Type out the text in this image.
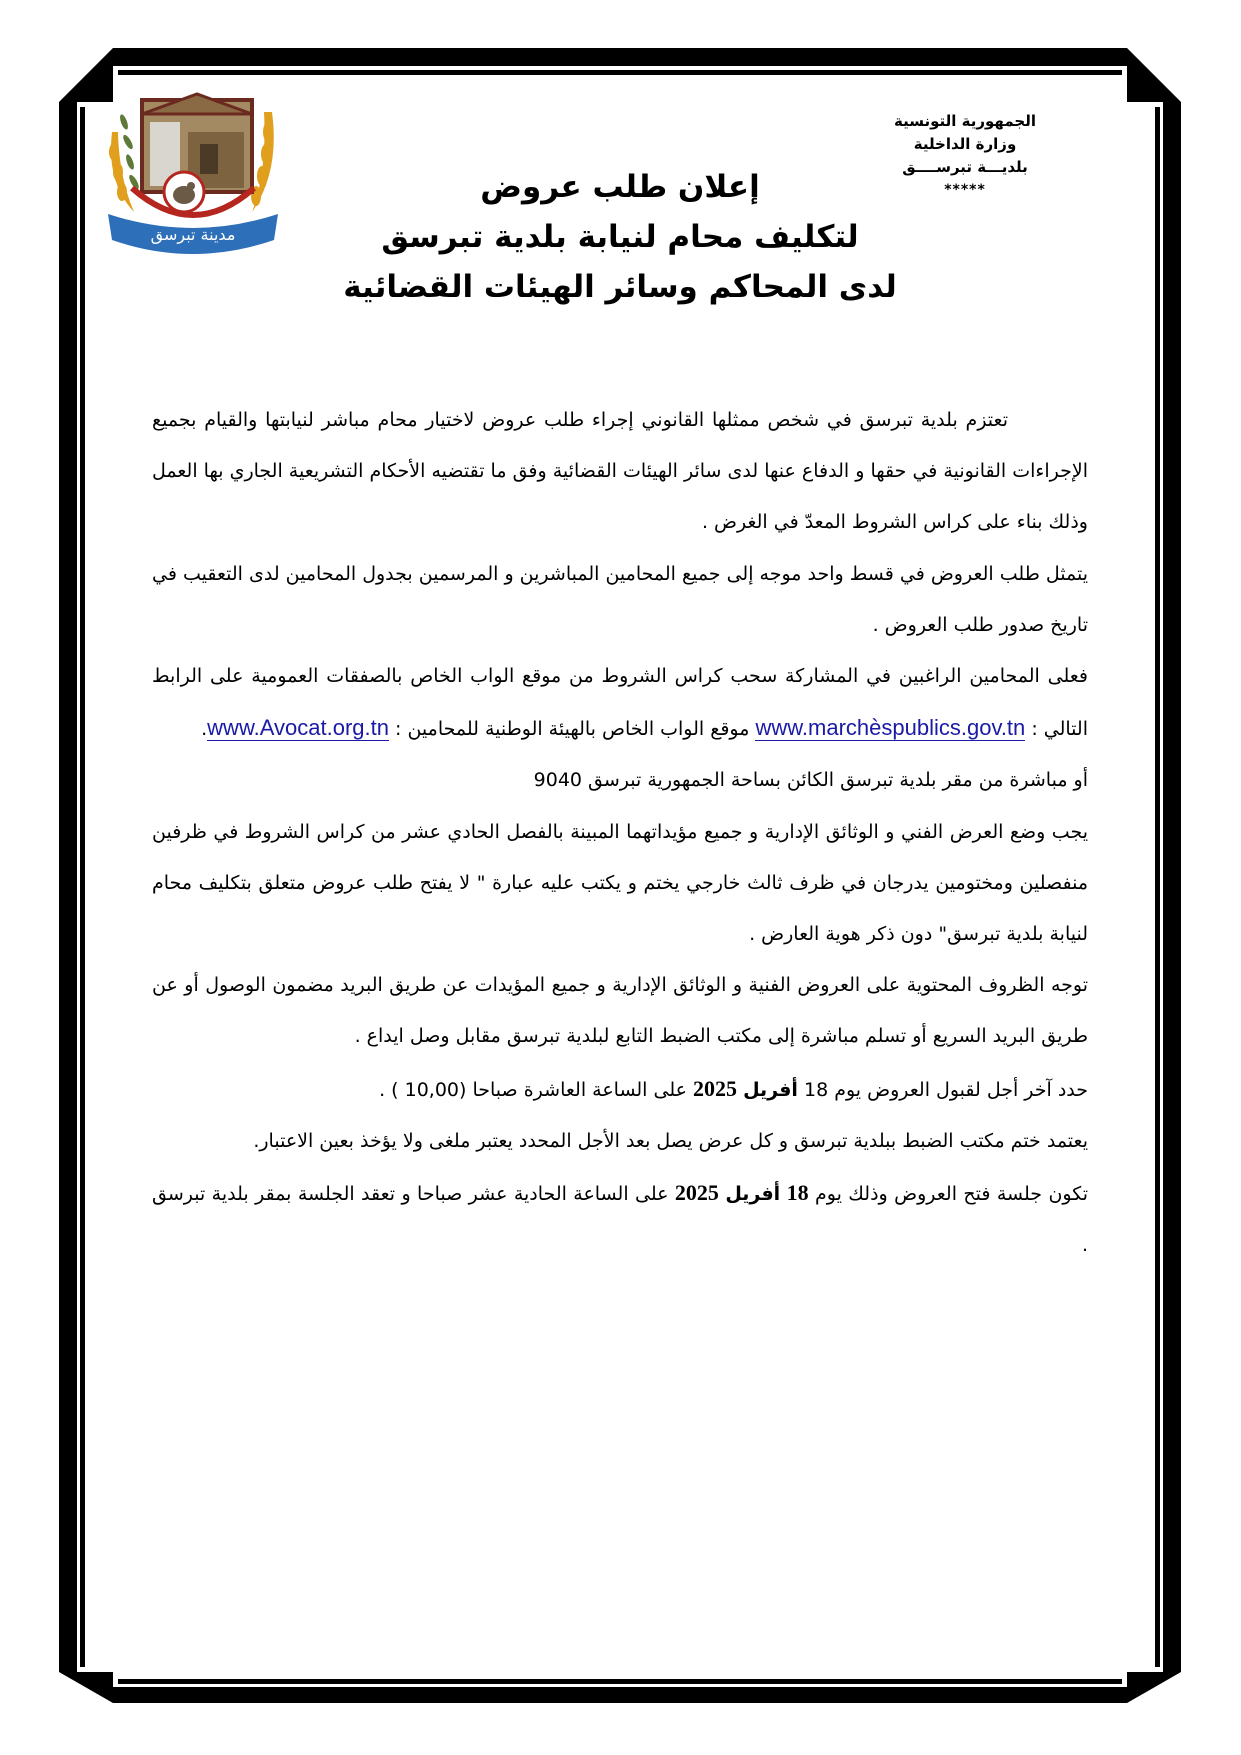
الجمهورية التونسية
وزارة الداخلية
بلديـــة تبرســــق
*****
مدينة تبرسق
إعلان طلب عروض
لتكليف محام لنيابة بلدية تبرسق
لدى المحاكم وسائر الهيئات القضائية

تعتزم بلدية تبرسق في شخص ممثلها القانوني إجراء طلب عروض لاختيار محام مباشر لنيابتها والقيام بجميع الإجراءات القانونية في حقها و الدفاع عنها لدى سائر الهيئات القضائية وفق ما تقتضيه الأحكام التشريعية الجاري بها العمل وذلك بناء على كراس الشروط المعدّ في الغرض .

يتمثل طلب العروض في قسط واحد موجه إلى جميع المحامين المباشرين و المرسمين بجدول المحامين لدى التعقيب في تاريخ صدور طلب العروض .

فعلى المحامين الراغبين في المشاركة سحب كراس الشروط من موقع الواب الخاص بالصفقات العمومية على الرابط التالي : www.marchèspublics.gov.tn موقع الواب الخاص بالهيئة الوطنية للمحامين : www.Avocat.org.tn.

أو مباشرة من مقر بلدية تبرسق الكائن بساحة الجمهورية تبرسق 9040

يجب وضع العرض الفني و الوثائق الإدارية و جميع مؤيداتهما المبينة بالفصل الحادي عشر من كراس الشروط في ظرفين منفصلين ومختومين يدرجان في ظرف ثالث خارجي يختم و يكتب عليه عبارة " لا يفتح طلب عروض متعلق بتكليف محام لنيابة بلدية تبرسق" دون ذكر هوية العارض .

توجه الظروف المحتوية على العروض الفنية و الوثائق الإدارية و جميع المؤيدات عن طريق البريد مضمون الوصول أو عن طريق البريد السريع أو تسلم مباشرة إلى مكتب الضبط التابع لبلدية تبرسق مقابل وصل ايداع .

حدد آخر أجل لقبول العروض يوم 18 أفريل 2025 على الساعة العاشرة صباحا (10,00 ) .

يعتمد ختم مكتب الضبط ببلدية تبرسق و كل عرض يصل بعد الأجل المحدد يعتبر ملغى ولا يؤخذ بعين الاعتبار.

تكون جلسة فتح العروض وذلك يوم 18 أفريل 2025 على الساعة الحادية عشر صباحا و تعقد الجلسة بمقر بلدية تبرسق .
